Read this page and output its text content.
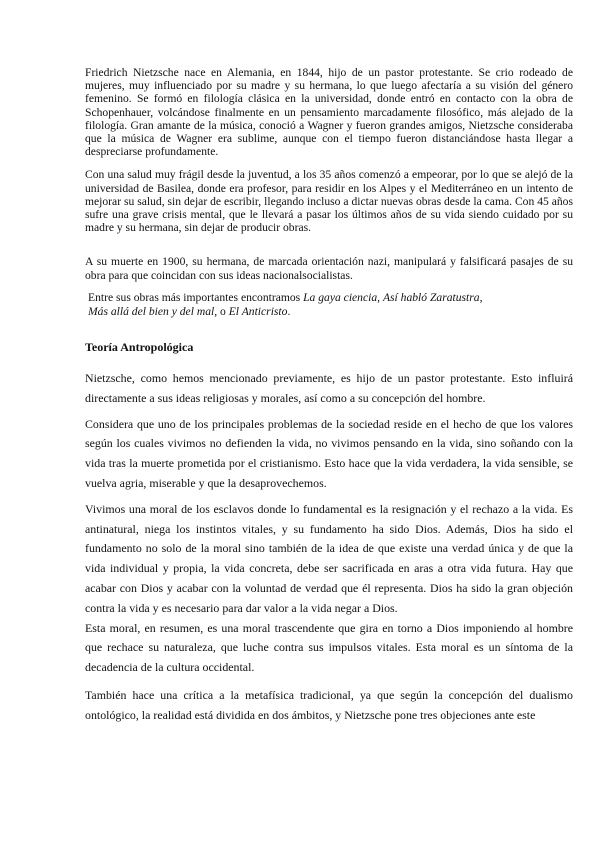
Friedrich Nietzsche nace en Alemania, en 1844, hijo de un pastor protestante. Se crio rodeado de mujeres, muy influenciado por su madre y su hermana, lo que luego afectaría a su visión del género femenino. Se formó en filología clásica en la universidad, donde entró en contacto con la obra de Schopenhauer, volcándose finalmente en un pensamiento marcadamente filosófico, más alejado de la filología. Gran amante de la música, conoció a Wagner y fueron grandes amigos, Nietzsche consideraba que la música de Wagner era sublime, aunque con el tiempo fueron distanciándose hasta llegar a despreciarse profundamente.

Con una salud muy frágil desde la juventud, a los 35 años comenzó a empeorar, por lo que se alejó de la universidad de Basilea, donde era profesor, para residir en los Alpes y el Mediterráneo en un intento de mejorar su salud, sin dejar de escribir, llegando incluso a dictar nuevas obras desde la cama. Con 45 años sufre una grave crisis mental, que le llevará a pasar los últimos años de su vida siendo cuidado por su madre y su hermana, sin dejar de producir obras.

A su muerte en 1900, su hermana, de marcada orientación nazi, manipulará y falsificará pasajes de su obra para que coincidan con sus ideas nacionalsocialistas.

Entre sus obras más importantes encontramos La gaya ciencia, Así habló Zaratustra,
Más allá del bien y del mal, o El Anticristo.

Teoría Antropológica

Nietzsche, como hemos mencionado previamente, es hijo de un pastor protestante. Esto influirá directamente a sus ideas religiosas y morales, así como a su concepción del hombre.

Considera que uno de los principales problemas de la sociedad reside en el hecho de que los valores según los cuales vivimos no defienden la vida, no vivimos pensando en la vida, sino soñando con la vida tras la muerte prometida por el cristianismo. Esto hace que la vida verdadera, la vida sensible, se vuelva agria, miserable y que la desaprovechemos.

Vivimos una moral de los esclavos donde lo fundamental es la resignación y el rechazo a la vida. Es antinatural, niega los instintos vitales, y su fundamento ha sido Dios. Además, Dios ha sido el fundamento no solo de la moral sino también de la idea de que existe una verdad única y de que la vida individual y propia, la vida concreta, debe ser sacrificada en aras a otra vida futura. Hay que acabar con Dios y acabar con la voluntad de verdad que él representa. Dios ha sido la gran objeción contra la vida y es necesario para dar valor a la vida negar a Dios.

Esta moral, en resumen, es una moral trascendente que gira en torno a Dios imponiendo al hombre que rechace su naturaleza, que luche contra sus impulsos vitales. Esta moral es un síntoma de la decadencia de la cultura occidental.

También hace una crítica a la metafísica tradicional, ya que según la concepción del dualismo ontológico, la realidad está dividida en dos ámbitos, y Nietzsche pone tres objeciones ante este
